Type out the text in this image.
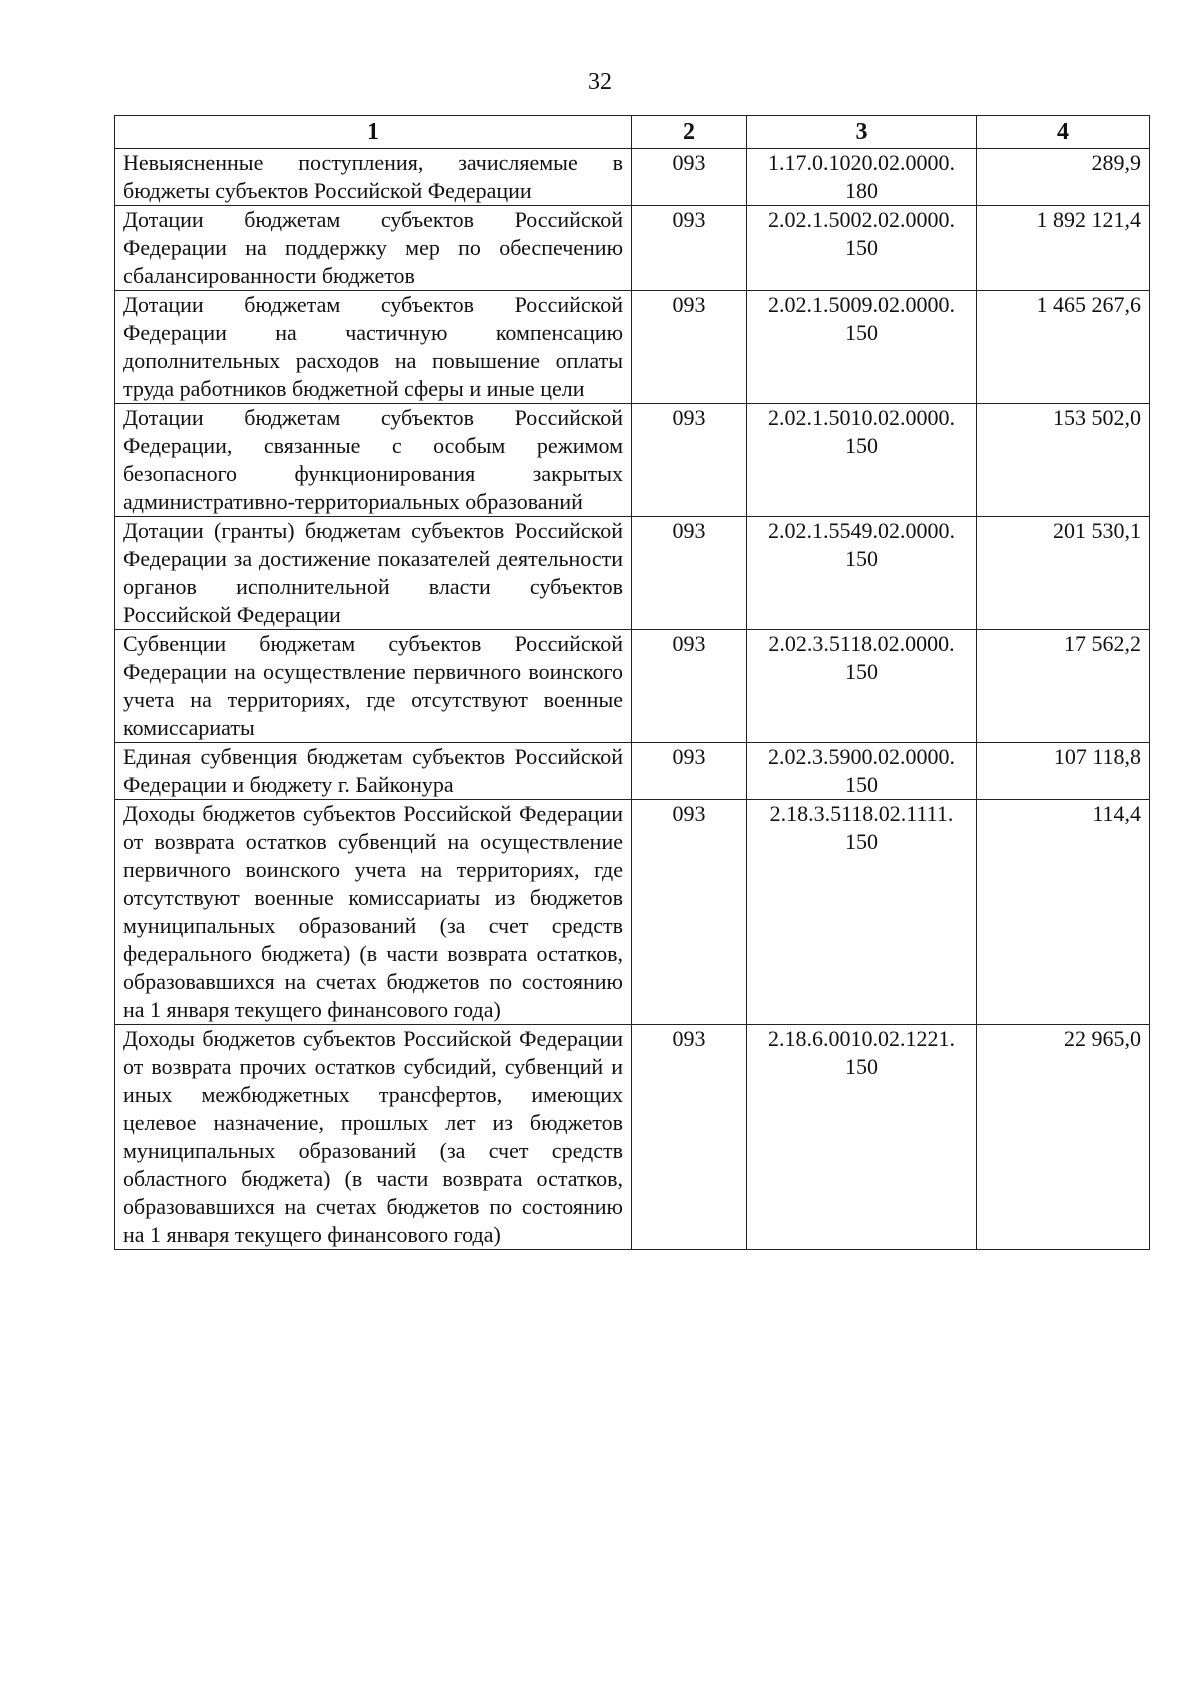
32
1	2	3	4
Невыясненные поступления, зачисляемые в бюджеты субъектов Российской Федерации	093	1.17.0.1020.02.0000. 180	289,9
Дотации бюджетам субъектов Российской Федерации на поддержку мер по обеспечению сбалансированности бюджетов	093	2.02.1.5002.02.0000. 150	1 892 121,4
Дотации бюджетам субъектов Российской Федерации на частичную компенсацию дополнительных расходов на повышение оплаты труда работников бюджетной сферы и иные цели	093	2.02.1.5009.02.0000. 150	1 465 267,6
Дотации бюджетам субъектов Российской Федерации, связанные с особым режимом безопасного функционирования закрытых административно-территориальных образований	093	2.02.1.5010.02.0000. 150	153 502,0
Дотации (гранты) бюджетам субъектов Российской Федерации за достижение показателей деятельности органов исполнительной власти субъектов Российской Федерации	093	2.02.1.5549.02.0000. 150	201 530,1
Субвенции бюджетам субъектов Российской Федерации на осуществление первичного воинского учета на территориях, где отсутствуют военные комиссариаты	093	2.02.3.5118.02.0000. 150	17 562,2
Единая субвенция бюджетам субъектов Российской Федерации и бюджету г. Байконура	093	2.02.3.5900.02.0000. 150	107 118,8
Доходы бюджетов субъектов Российской Федерации от возврата остатков субвенций на осуществление первичного воинского учета на территориях, где отсутствуют военные комиссариаты из бюджетов муниципальных образований (за счет средств федерального бюджета) (в части возврата остатков, образовавшихся на счетах бюджетов по состоянию на 1 января текущего финансового года)	093	2.18.3.5118.02.1111. 150	114,4
Доходы бюджетов субъектов Российской Федерации от возврата прочих остатков субсидий, субвенций и иных межбюджетных трансфертов, имеющих целевое назначение, прошлых лет из бюджетов муниципальных образований (за счет средств областного бюджета) (в части возврата остатков, образовавшихся на счетах бюджетов по состоянию на 1 января текущего финансового года)	093	2.18.6.0010.02.1221. 150	22 965,0
